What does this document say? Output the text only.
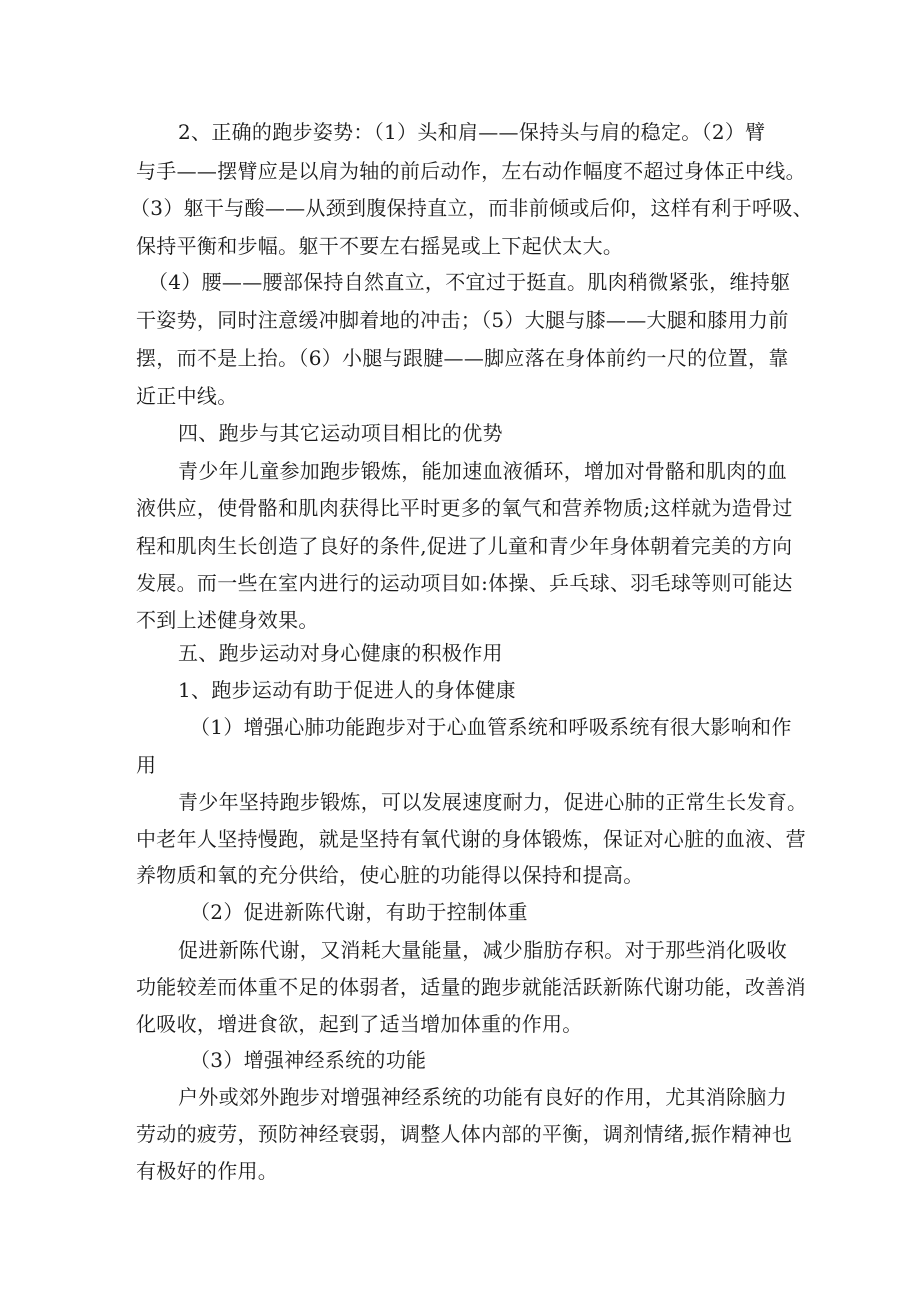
2、正确的跑步姿势：（1）头和肩——保持头与肩的稳定。（2）臂
与手——摆臂应是以肩为轴的前后动作，左右动作幅度不超过身体正中线。
（3）躯干与酸——从颈到腹保持直立，而非前倾或后仰，这样有利于呼吸、
保持平衡和步幅。躯干不要左右摇晃或上下起伏太大。
（4）腰——腰部保持自然直立，不宜过于挺直。肌肉稍微紧张，维持躯
干姿势，同时注意缓冲脚着地的冲击；（5）大腿与膝——大腿和膝用力前
摆，而不是上抬。（6）小腿与跟腱——脚应落在身体前约一尺的位置，靠
近正中线。
四、跑步与其它运动项目相比的优势
青少年儿童参加跑步锻炼，能加速血液循环，增加对骨骼和肌肉的血
液供应，使骨骼和肌肉获得比平时更多的氧气和营养物质;这样就为造骨过
程和肌肉生长创造了良好的条件,促进了儿童和青少年身体朝着完美的方向
发展。而一些在室内进行的运动项目如:体操、乒乓球、羽毛球等则可能达
不到上述健身效果。
五、跑步运动对身心健康的积极作用
1、跑步运动有助于促进人的身体健康
（1）增强心肺功能跑步对于心血管系统和呼吸系统有很大影响和作
用
青少年坚持跑步锻炼，可以发展速度耐力，促进心肺的正常生长发育。
中老年人坚持慢跑，就是坚持有氧代谢的身体锻炼，保证对心脏的血液、营
养物质和氧的充分供给，使心脏的功能得以保持和提高。
（2）促进新陈代谢，有助于控制体重
促进新陈代谢，又消耗大量能量，减少脂肪存积。对于那些消化吸收
功能较差而体重不足的体弱者，适量的跑步就能活跃新陈代谢功能，改善消
化吸收，增进食欲，起到了适当增加体重的作用。
（3）增强神经系统的功能
户外或郊外跑步对增强神经系统的功能有良好的作用，尤其消除脑力
劳动的疲劳，预防神经衰弱，调整人体内部的平衡，调剂情绪,振作精神也
有极好的作用。
